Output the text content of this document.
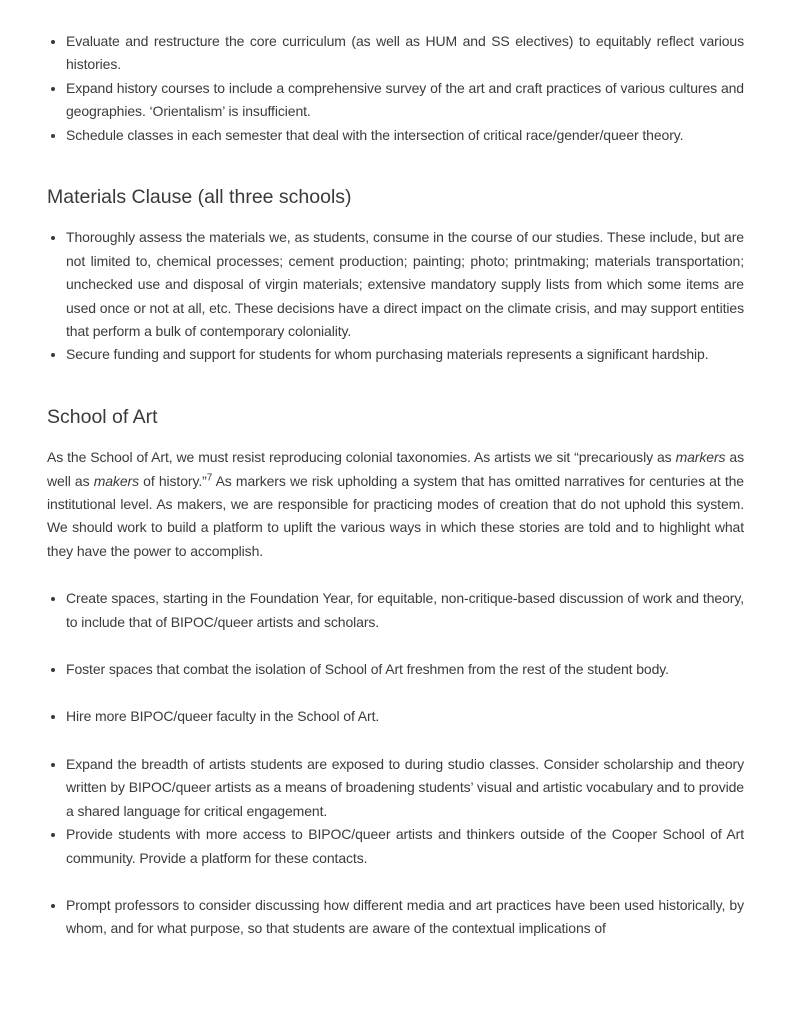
• Evaluate and restructure the core curriculum (as well as HUM and SS electives) to equitably reflect various histories.
• Expand history courses to include a comprehensive survey of the art and craft practices of various cultures and geographies. ‘Orientalism’ is insufficient.
• Schedule classes in each semester that deal with the intersection of critical race/gender/queer theory.
Materials Clause (all three schools)
• Thoroughly assess the materials we, as students, consume in the course of our studies. These include, but are not limited to, chemical processes; cement production; painting; photo; printmaking; materials transportation; unchecked use and disposal of virgin materials; extensive mandatory supply lists from which some items are used once or not at all, etc. These decisions have a direct impact on the climate crisis, and may support entities that perform a bulk of contemporary coloniality.
• Secure funding and support for students for whom purchasing materials represents a significant hardship.
School of Art

As the School of Art, we must resist reproducing colonial taxonomies. As artists we sit “precariously as markers as well as makers of history.”$^7$ As markers we risk upholding a system that has omitted narratives for centuries at the institutional level. As makers, we are responsible for practicing modes of creation that do not uphold this system. We should work to build a platform to uplift the various ways in which these stories are told and to highlight what they have the power to accomplish.

• Create spaces, starting in the Foundation Year, for equitable, non-critique-based discussion of work and theory, to include that of BIPOC/queer artists and scholars.
• Foster spaces that combat the isolation of School of Art freshmen from the rest of the student body.
• Hire more BIPOC/queer faculty in the School of Art.
• Expand the breadth of artists students are exposed to during studio classes. Consider scholarship and theory written by BIPOC/queer artists as a means of broadening students’ visual and artistic vocabulary and to provide a shared language for critical engagement.
• Provide students with more access to BIPOC/queer artists and thinkers outside of the Cooper School of Art community. Provide a platform for these contacts.
• Prompt professors to consider discussing how different media and art practices have been used historically, by whom, and for what purpose, so that students are aware of the contextual implications of
